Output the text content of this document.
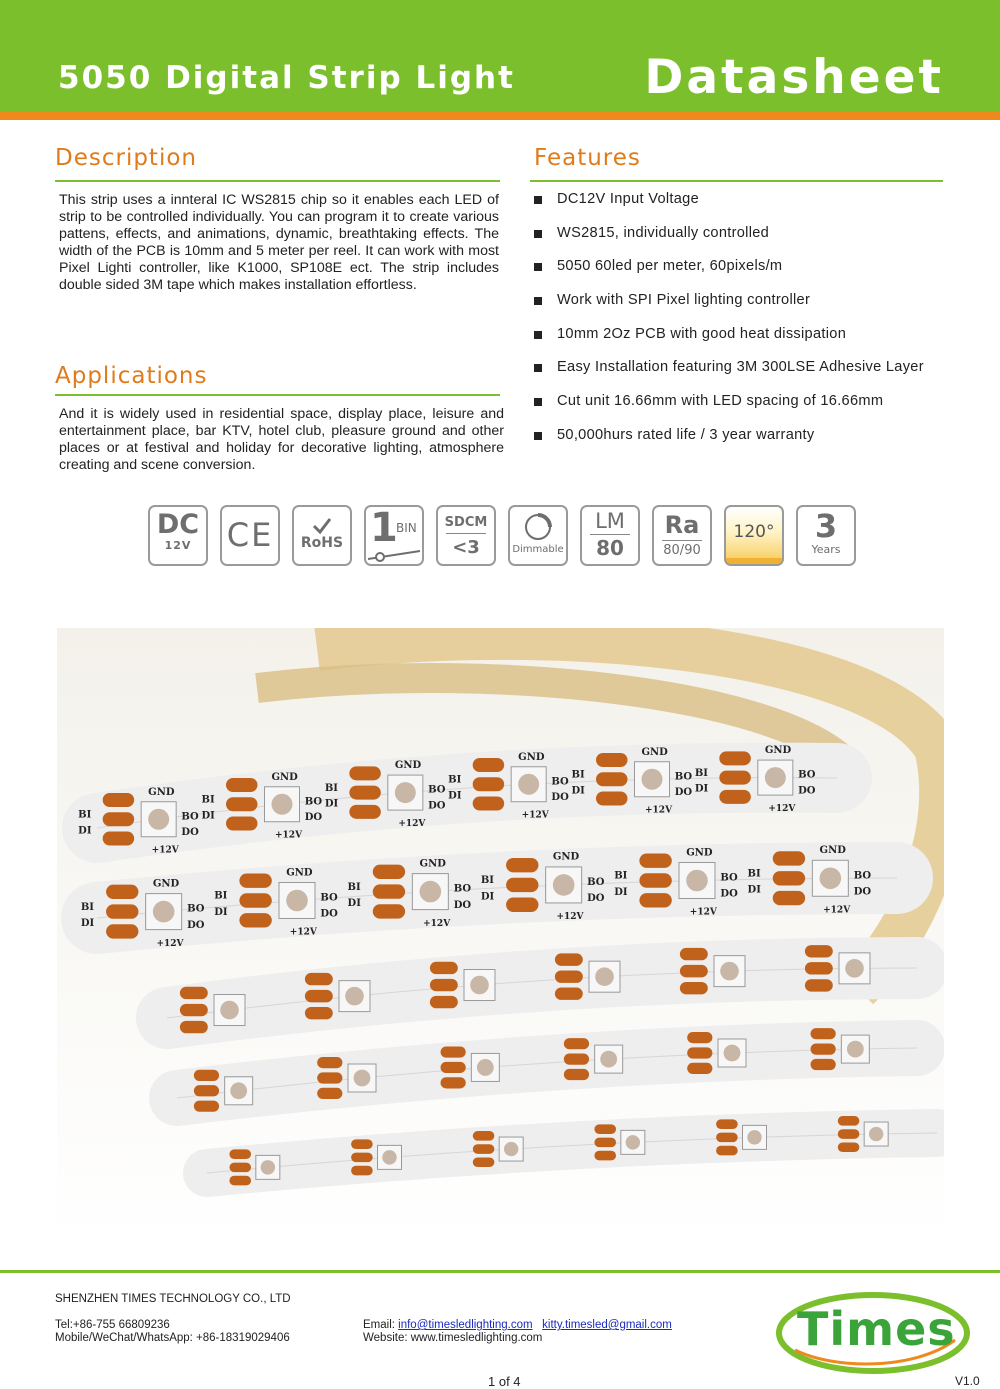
5050 Digital Strip Light	Datasheet
Description

This strip uses a innteral IC WS2815 chip so it enables each LED of strip to be controlled individually. You can program it to create various pattens, effects, and animations, dynamic, breathtaking effects. The width of the PCB is 10mm and 5 meter per reel. It can work with most Pixel Lighti controller, like K1000, SP108E ect. The strip includes double sided 3M tape which makes installation effortless.

Applications

And it is widely used in residential space, display place, leisure and entertainment place, bar KTV, hotel club, pleasure ground and other places or at festival and holiday for decorative lighting, atmosphere creating and scene conversion.

Features
DC12V Input Voltage
WS2815, individually controlled
5050 60led per meter, 60pixels/m
Work with SPI Pixel lighting controller
10mm 2Oz PCB with good heat dissipation
Easy Installation featuring 3M 300LSE Adhesive Layer
Cut unit 16.66mm with LED spacing of 16.66mm
50,000hurs rated life / 3 year warranty
DC
12V	CE	RoHS 1
BIN	SDCM
<3	Dimmable
LM
80
Ra
80/90
120°	3
Years
GND
BO
DO
+12V
BI
DI
GND
BO
DO
+12V
BI
DI
GND
BO
DO
+12V
BI
DI
GND
BO
DO
+12V
BI
DI
GND
BO
DO
+12V
BI
DI
GND
BO
DO
+12V
BI
DI
GND
BO
DO
+12V
BI
DI
GND
BO
DO
+12V
BI
DI
GND
BO
DO
+12V
BI
DI
GND
BO
DO
+12V
BI
DI
GND
BO
DO
+12V
BI
DI
GND
BO
DO
+12V
BI
DI
SHENZHEN TIMES TECHNOLOGY CO., LTD
Tel:+86-755 66809236
Mobile/WeChat/WhatsApp: +86-18319029406
Email: info@timesledlighting.com kitty.timesled@gmail.com
Website: www.timesledlighting.com
1 of 4	V1.0
Times
